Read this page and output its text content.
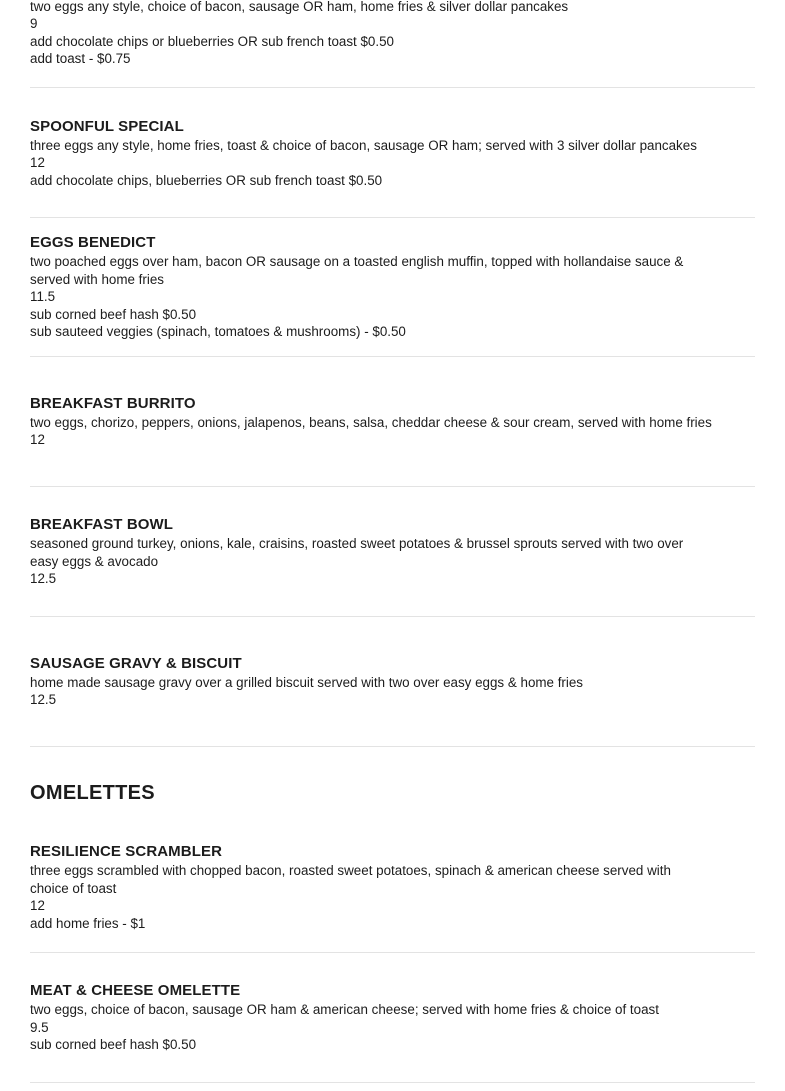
two eggs any style, choice of bacon, sausage OR ham, home fries & silver dollar pancakes
9
add chocolate chips or blueberries OR sub french toast $0.50
add toast - $0.75
SPOONFUL SPECIAL
three eggs any style, home fries, toast & choice of bacon, sausage OR ham; served with 3 silver dollar pancakes
12
add chocolate chips, blueberries OR sub french toast $0.50
EGGS BENEDICT
two poached eggs over ham, bacon OR sausage on a toasted english muffin, topped with hollandaise sauce &
served with home fries
11.5
sub corned beef hash $0.50
sub sauteed veggies (spinach, tomatoes & mushrooms) - $0.50
BREAKFAST BURRITO
two eggs, chorizo, peppers, onions, jalapenos, beans, salsa, cheddar cheese & sour cream, served with home fries
12
BREAKFAST BOWL
seasoned ground turkey, onions, kale, craisins, roasted sweet potatoes & brussel sprouts served with two over
easy eggs & avocado
12.5
SAUSAGE GRAVY & BISCUIT
home made sausage gravy over a grilled biscuit served with two over easy eggs & home fries
12.5
OMELETTES
RESILIENCE SCRAMBLER
three eggs scrambled with chopped bacon, roasted sweet potatoes, spinach & american cheese served with
choice of toast
12
add home fries - $1
MEAT & CHEESE OMELETTE
two eggs, choice of bacon, sausage OR ham & american cheese; served with home fries & choice of toast
9.5
sub corned beef hash $0.50
